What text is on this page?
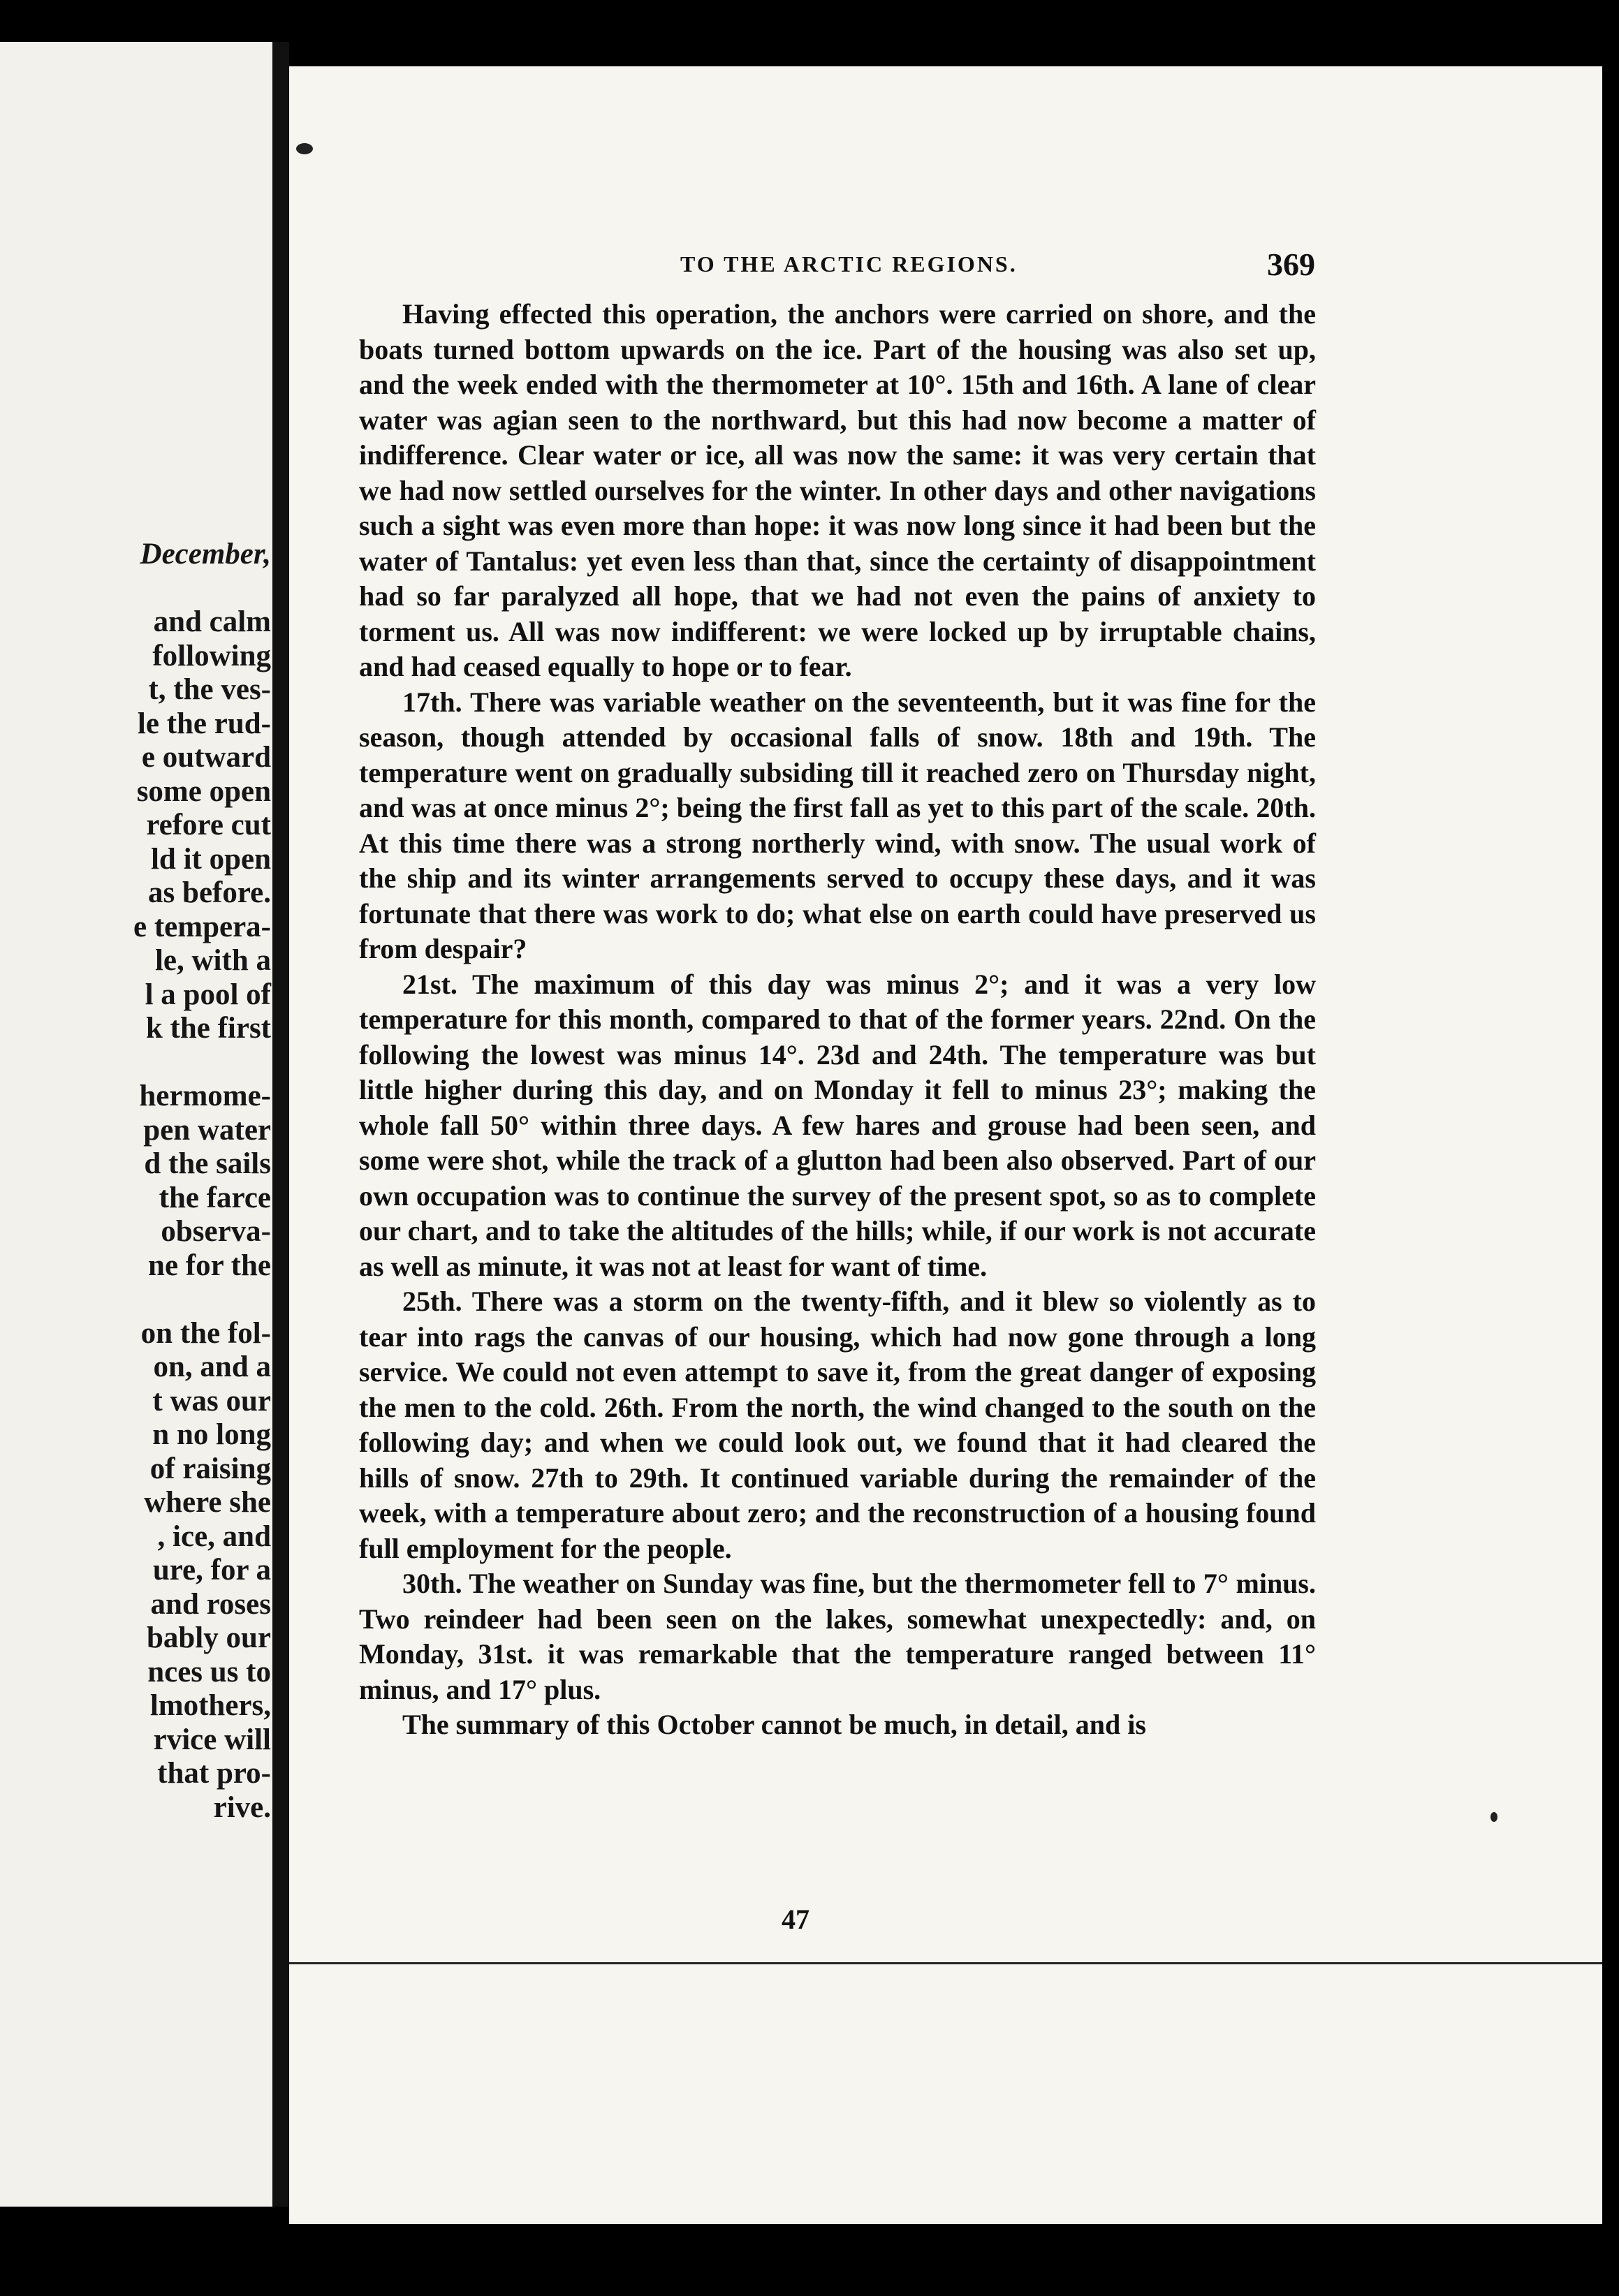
December,
and calm
following
t, the ves-
le the rud-
e outward
some open
refore cut
ld it open
as before.
e tempera-
le, with a
l a pool of
k the first
hermome-
pen water
d the sails
the farce
observa-
ne for the
on the fol-
on, and a
t was our
n no long
of raising
where she
, ice, and
ure, for a
and roses
bably our
nces us to
lmothers,
rvice will
that pro-
rive.
TO THE ARCTIC REGIONS.	369

Having effected this operation, the anchors were carried on shore, and the boats turned bottom upwards on the ice. Part of the housing was also set up, and the week ended with the thermometer at 10°. 15th and 16th. A lane of clear water was agian seen to the northward, but this had now become a matter of indifference. Clear water or ice, all was now the same: it was very certain that we had now settled ourselves for the winter. In other days and other navigations such a sight was even more than hope: it was now long since it had been but the water of Tantalus: yet even less than that, since the certainty of disappointment had so far paralyzed all hope, that we had not even the pains of anxiety to torment us. All was now indifferent: we were locked up by irruptable chains, and had ceased equally to hope or to fear.

17th. There was variable weather on the seventeenth, but it was fine for the season, though attended by occasional falls of snow. 18th and 19th. The temperature went on gradually subsiding till it reached zero on Thursday night, and was at once minus 2°; being the first fall as yet to this part of the scale. 20th. At this time there was a strong northerly wind, with snow. The usual work of the ship and its winter arrangements served to occupy these days, and it was fortunate that there was work to do; what else on earth could have preserved us from despair?

21st. The maximum of this day was minus 2°; and it was a very low temperature for this month, compared to that of the former years. 22nd. On the following the lowest was minus 14°. 23d and 24th. The temperature was but little higher during this day, and on Monday it fell to minus 23°; making the whole fall 50° within three days. A few hares and grouse had been seen, and some were shot, while the track of a glutton had been also observed. Part of our own occupation was to continue the survey of the present spot, so as to complete our chart, and to take the altitudes of the hills; while, if our work is not accurate as well as minute, it was not at least for want of time.

25th. There was a storm on the twenty-fifth, and it blew so violently as to tear into rags the canvas of our housing, which had now gone through a long service. We could not even attempt to save it, from the great danger of exposing the men to the cold. 26th. From the north, the wind changed to the south on the following day; and when we could look out, we found that it had cleared the hills of snow. 27th to 29th. It continued variable during the remainder of the week, with a temperature about zero; and the reconstruction of a housing found full employment for the people.

30th. The weather on Sunday was fine, but the thermometer fell to 7° minus. Two reindeer had been seen on the lakes, somewhat unexpectedly: and, on Monday, 31st. it was remarkable that the temperature ranged between 11° minus, and 17° plus.

The summary of this October cannot be much, in detail, and is

47
